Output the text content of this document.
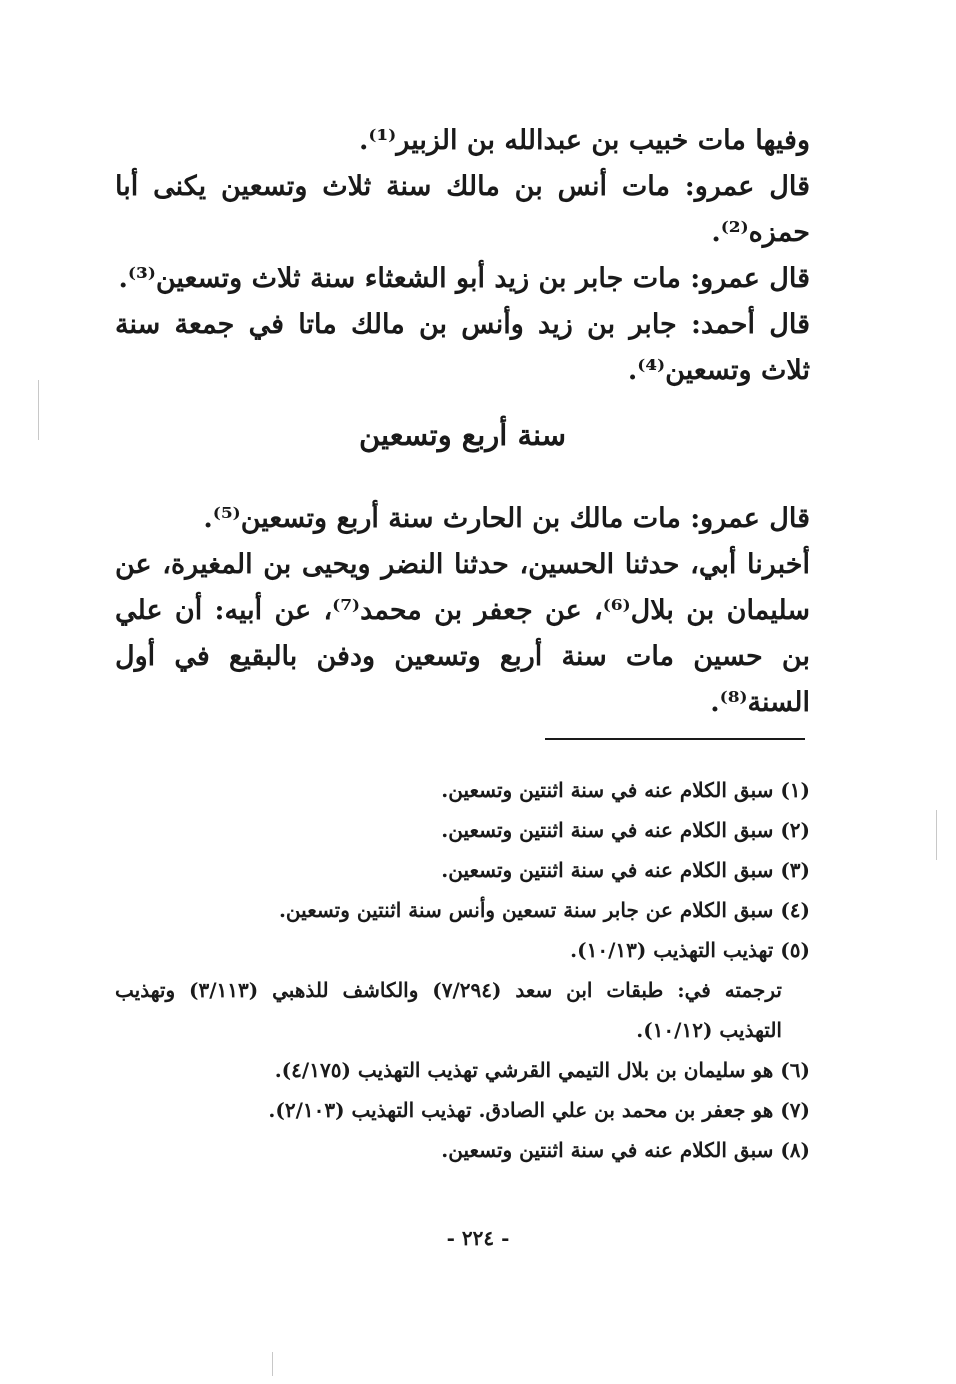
وفيها مات خبيب بن عبدالله بن الزبير⁽¹⁾.

قال عمرو: مات أنس بن مالك سنة ثلاث وتسعين يكنى أبا حمزه⁽²⁾.

قال عمرو: مات جابر بن زيد أبو الشعثاء سنة ثلاث وتسعين⁽³⁾.

قال أحمد: جابر بن زيد وأنس بن مالك ماتا في جمعة سنة ثلاث وتسعين⁽⁴⁾.

سنة أربع وتسعين

قال عمرو: مات مالك بن الحارث سنة أربع وتسعين⁽⁵⁾.

أخبرنا أبي، حدثنا الحسين، حدثنا النضر ويحيى بن المغيرة، عن سليمان بن بلال⁽⁶⁾، عن جعفر بن محمد⁽⁷⁾، عن أبيه: أن علي بن حسين مات سنة أربع وتسعين ودفن بالبقيع في أول السنة⁽⁸⁾.

(١) سبق الكلام عنه في سنة اثنتين وتسعين.

(٢) سبق الكلام عنه في سنة اثنتين وتسعين.

(٣) سبق الكلام عنه في سنة اثنتين وتسعين.

(٤) سبق الكلام عن جابر سنة تسعين وأنس سنة اثنتين وتسعين.

(٥) تهذيب التهذيب (١٠/١٣).

ترجمته في: طبقات ابن سعد (٧/٢٩٤) والكاشف للذهبي (٣/١١٣) وتهذيب التهذيب (١٠/١٢).

(٦) هو سليمان بن بلال التيمي القرشي تهذيب التهذيب (٤/١٧٥).

(٧) هو جعفر بن محمد بن علي الصادق. تهذيب التهذيب (٢/١٠٣).

(٨) سبق الكلام عنه في سنة اثنتين وتسعين.

- ٢٢٤ -
